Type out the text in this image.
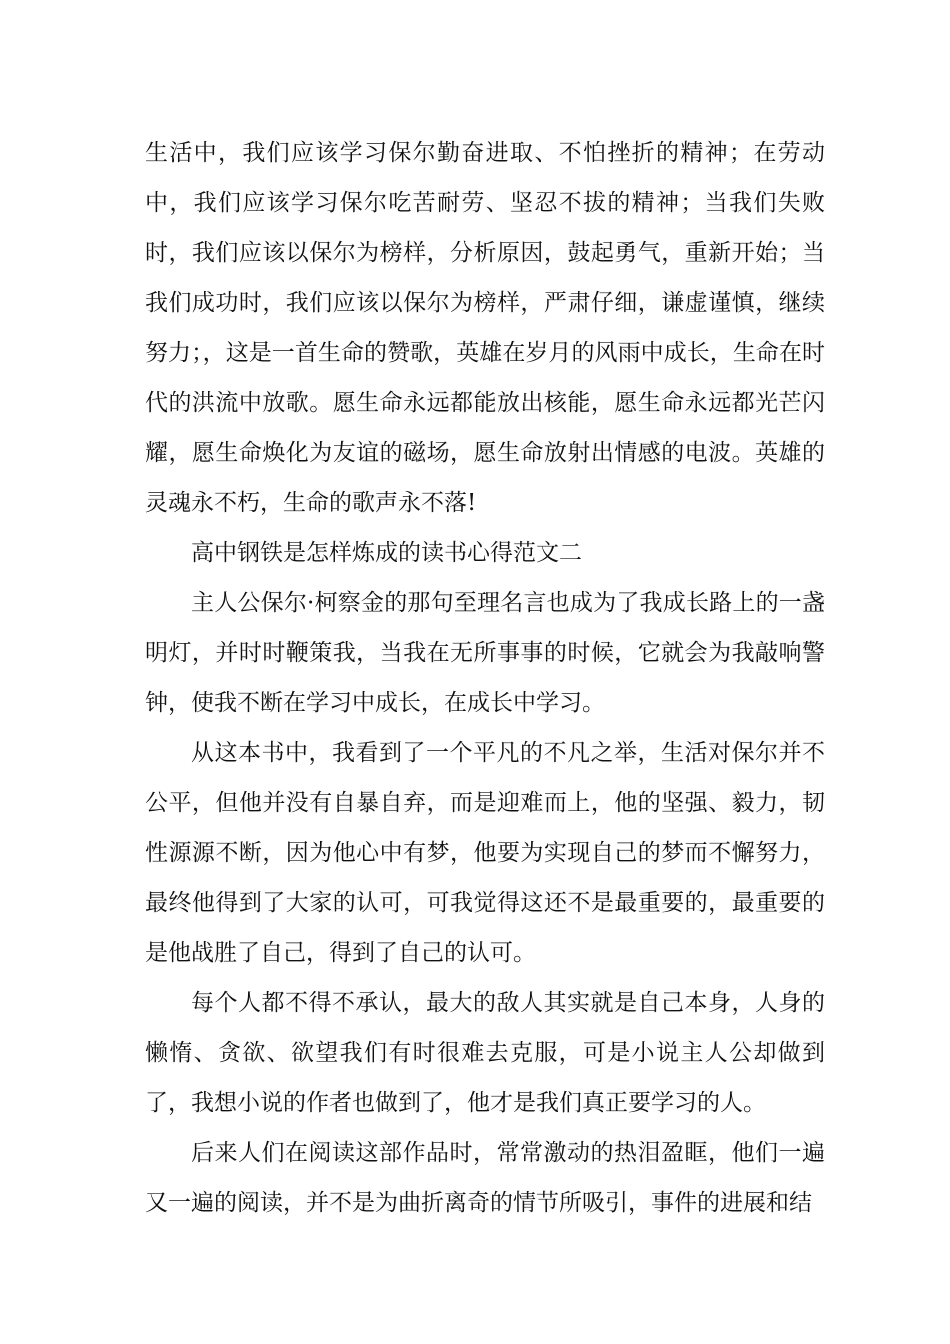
生活中，我们应该学习保尔勤奋进取、不怕挫折的精神；在劳动中，我们应该学习保尔吃苦耐劳、坚忍不拔的精神；当我们失败时，我们应该以保尔为榜样，分析原因，鼓起勇气，重新开始；当我们成功时，我们应该以保尔为榜样，严肃仔细，谦虚谨慎，继续努力；，这是一首生命的赞歌，英雄在岁月的风雨中成长，生命在时代的洪流中放歌。愿生命永远都能放出核能，愿生命永远都光芒闪耀，愿生命焕化为友谊的磁场，愿生命放射出情感的电波。英雄的灵魂永不朽，生命的歌声永不落!

高中钢铁是怎样炼成的读书心得范文二

主人公保尔·柯察金的那句至理名言也成为了我成长路上的一盏明灯，并时时鞭策我，当我在无所事事的时候，它就会为我敲响警钟，使我不断在学习中成长，在成长中学习。

从这本书中，我看到了一个平凡的不凡之举，生活对保尔并不公平，但他并没有自暴自弃，而是迎难而上，他的坚强、毅力，韧性源源不断，因为他心中有梦，他要为实现自己的梦而不懈努力，最终他得到了大家的认可，可我觉得这还不是最重要的，最重要的是他战胜了自己，得到了自己的认可。

每个人都不得不承认，最大的敌人其实就是自己本身，人身的懒惰、贪欲、欲望我们有时很难去克服，可是小说主人公却做到了，我想小说的作者也做到了，他才是我们真正要学习的人。

后来人们在阅读这部作品时，常常激动的热泪盈眶，他们一遍又一遍的阅读，并不是为曲折离奇的情节所吸引，事件的进展和结
